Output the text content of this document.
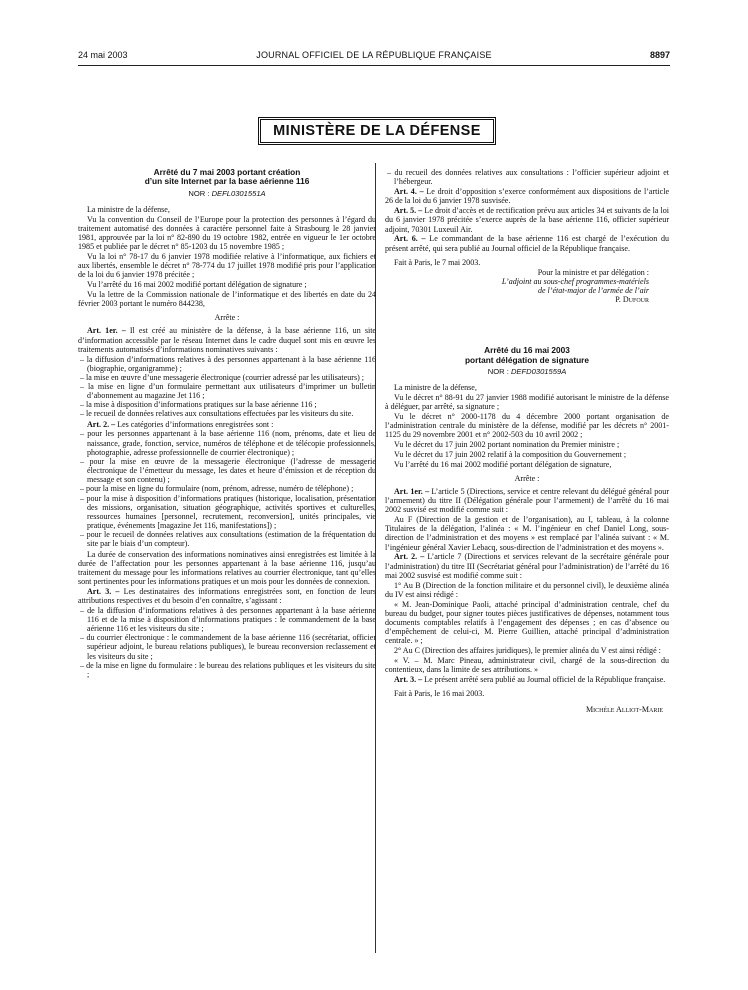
24 mai 2003	JOURNAL OFFICIEL DE LA RÉPUBLIQUE FRANÇAISE	8897
MINISTÈRE DE LA DÉFENSE
Arrêté du 7 mai 2003 portant création
d’un site Internet par la base aérienne 116
NOR : DEFL0301551A

La ministre de la défense,

Vu la convention du Conseil de l’Europe pour la protection des personnes à l’égard du traitement automatisé des données à caractère personnel faite à Strasbourg le 28 janvier 1981, approuvée par la loi n° 82-890 du 19 octobre 1982, entrée en vigueur le 1er octobre 1985 et publiée par le décret n° 85-1203 du 15 novembre 1985 ;

Vu la loi n° 78-17 du 6 janvier 1978 modifiée relative à l’informatique, aux fichiers et aux libertés, ensemble le décret n° 78-774 du 17 juillet 1978 modifié pris pour l’application de la loi du 6 janvier 1978 précitée ;

Vu l’arrêté du 16 mai 2002 modifié portant délégation de signature ;

Vu la lettre de la Commission nationale de l’informatique et des libertés en date du 24 février 2003 portant le numéro 844238,

Arrête :

Art. 1er. – Il est créé au ministère de la défense, à la base aérienne 116, un site d’information accessible par le réseau Internet dans le cadre duquel sont mis en œuvre les traitements automatisés d’informations nominatives suivants :

– la diffusion d’informations relatives à des personnes appartenant à la base aérienne 116 (biographie, organigramme) ;
– la mise en œuvre d’une messagerie électronique (courrier adressé par les utilisateurs) ;
– la mise en ligne d’un formulaire permettant aux utilisateurs d’imprimer un bulletin d’abonnement au magazine Jet 116 ;
– la mise à disposition d’informations pratiques sur la base aérienne 116 ;
– le recueil de données relatives aux consultations effectuées par les visiteurs du site.

Art. 2. – Les catégories d’informations enregistrées sont :

– pour les personnes appartenant à la base aérienne 116 (nom, prénoms, date et lieu de naissance, grade, fonction, service, numéros de téléphone et de télécopie professionnels, photographie, adresse professionnelle de courrier électronique) ;
– pour la mise en œuvre de la messagerie électronique (l’adresse de messagerie électronique de l’émetteur du message, les dates et heure d’émission et de réception du message et son contenu) ;
– pour la mise en ligne du formulaire (nom, prénom, adresse, numéro de téléphone) ;
– pour la mise à disposition d’informations pratiques (historique, localisation, présentation des missions, organisation, situation géographique, activités sportives et culturelles, ressources humaines [personnel, recrutement, reconversion], unités principales, vie pratique, événements [magazine Jet 116, manifestations]) ;
– pour le recueil de données relatives aux consultations (estimation de la fréquentation du site par le biais d’un compteur).

La durée de conservation des informations nominatives ainsi enregistrées est limitée à la durée de l’affectation pour les personnes appartenant à la base aérienne 116, jusqu’au traitement du message pour les informations relatives au courrier électronique, tant qu’elles sont pertinentes pour les informations pratiques et un mois pour les données de connexion.

Art. 3. – Les destinataires des informations enregistrées sont, en fonction de leurs attributions respectives et du besoin d’en connaître, s’agissant :

– de la diffusion d’informations relatives à des personnes appartenant à la base aérienne 116 et de la mise à disposition d’informations pratiques : le commandement de la base aérienne 116 et les visiteurs du site ;
– du courrier électronique : le commandement de la base aérienne 116 (secrétariat, officier supérieur adjoint, le bureau relations publiques), le bureau reconversion reclassement et les visiteurs du site ;
– de la mise en ligne du formulaire : le bureau des relations publiques et les visiteurs du site ;
– du recueil des données relatives aux consultations : l’officier supérieur adjoint et l’hébergeur.

Art. 4. – Le droit d’opposition s’exerce conformément aux dispositions de l’article 26 de la loi du 6 janvier 1978 susvisée.

Art. 5. – Le droit d’accès et de rectification prévu aux articles 34 et suivants de la loi du 6 janvier 1978 précitée s’exerce auprès de la base aérienne 116, officier supérieur adjoint, 70301 Luxeuil Air.

Art. 6. – Le commandant de la base aérienne 116 est chargé de l’exécution du présent arrêté, qui sera publié au Journal officiel de la République française.

Fait à Paris, le 7 mai 2003.

Pour la ministre et par délégation :
L’adjoint au sous-chef programmes-matériels
de l’état-major de l’armée de l’air
P. Dufour
Arrêté du 16 mai 2003
portant délégation de signature
NOR : DEFD0301559A

La ministre de la défense,

Vu le décret n° 88-91 du 27 janvier 1988 modifié autorisant le ministre de la défense à déléguer, par arrêté, sa signature ;

Vu le décret n° 2000-1178 du 4 décembre 2000 portant organisation de l’administration centrale du ministère de la défense, modifié par les décrets n° 2001-1125 du 29 novembre 2001 et n° 2002-503 du 10 avril 2002 ;

Vu le décret du 17 juin 2002 portant nomination du Premier ministre ;

Vu le décret du 17 juin 2002 relatif à la composition du Gouvernement ;

Vu l’arrêté du 16 mai 2002 modifié portant délégation de signature,

Arrête :

Art. 1er. – L’article 5 (Directions, service et centre relevant du délégué général pour l’armement) du titre II (Délégation générale pour l’armement) de l’arrêté du 16 mai 2002 susvisé est modifié comme suit :

Au F (Direction de la gestion et de l’organisation), au I, tableau, à la colonne Titulaires de la délégation, l’alinéa : « M. l’ingénieur en chef Daniel Long, sous-direction de l’administration et des moyens » est remplacé par l’alinéa suivant : « M. l’ingénieur général Xavier Lebacq, sous-direction de l’administration et des moyens ».

Art. 2. – L’article 7 (Directions et services relevant de la secrétaire générale pour l’administration) du titre III (Secrétariat général pour l’administration) de l’arrêté du 16 mai 2002 susvisé est modifié comme suit :

1° Au B (Direction de la fonction militaire et du personnel civil), le deuxième alinéa du IV est ainsi rédigé :

« M. Jean-Dominique Paoli, attaché principal d’administration centrale, chef du bureau du budget, pour signer toutes pièces justificatives de dépenses, notamment tous documents comptables relatifs à l’engagement des dépenses ; en cas d’absence ou d’empêchement de celui-ci, M. Pierre Guillien, attaché principal d’administration centrale. » ;

2° Au C (Direction des affaires juridiques), le premier alinéa du V est ainsi rédigé :

« V. – M. Marc Pineau, administrateur civil, chargé de la sous-direction du contentieux, dans la limite de ses attributions. »

Art. 3. – Le présent arrêté sera publié au Journal officiel de la République française.

Fait à Paris, le 16 mai 2003.

Michèle Alliot-Marie
